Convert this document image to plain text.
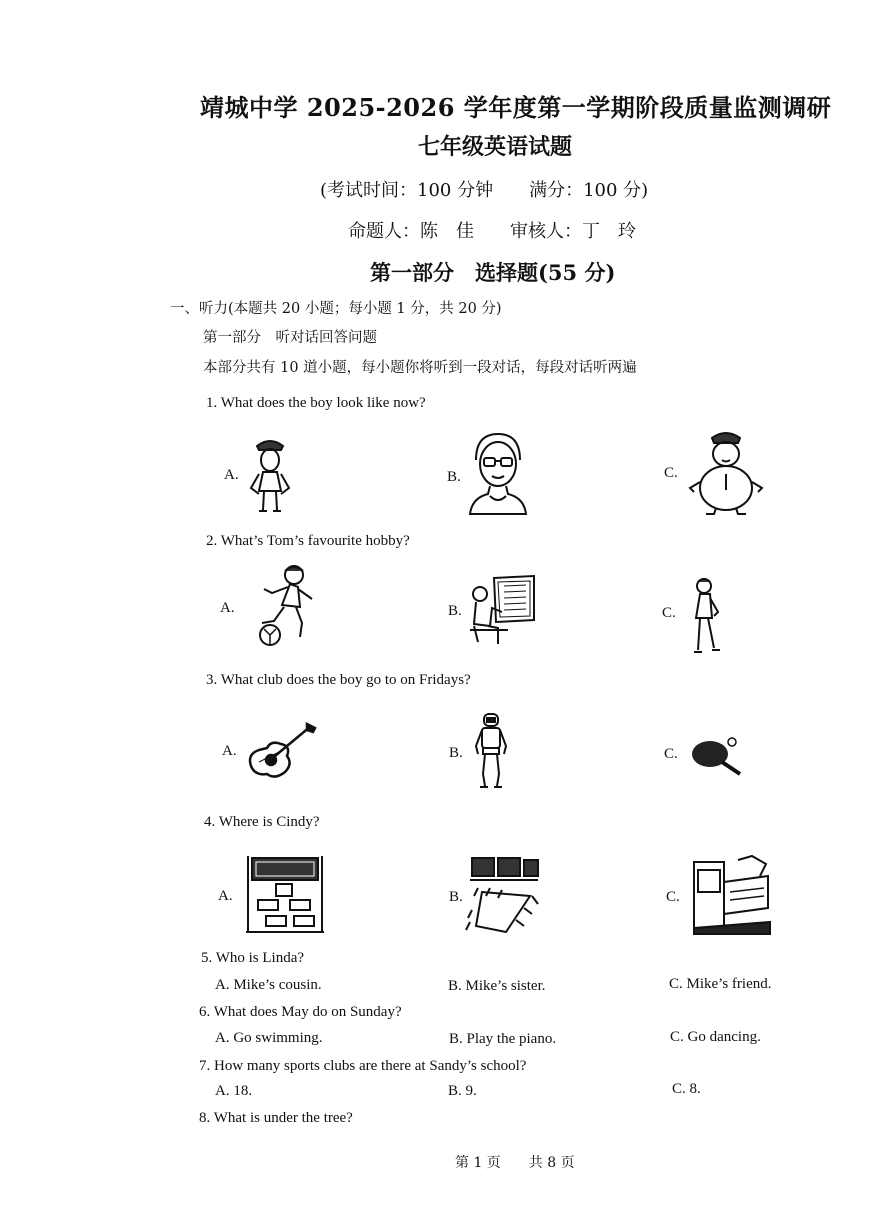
靖城中学 2025-2026 学年度第一学期阶段质量监测调研
七年级英语试题
(考试时间：100 分钟　　满分：100 分)
命题人：陈　佳　　审核人：丁　玲
第一部分　选择题(55 分)
一、听力(本题共 20 小题；每小题 1 分，共 20 分)
第一部分　听对话回答问题
本部分共有 10 道小题，每小题你将听到一段对话，每段对话听两遍
1. What does the boy look like now?
A.	B.	C.
2. What’s Tom’s favourite hobby?
A.	B.	C.
3. What club does the boy go to on Fridays?
A.	B.	C.
4. Where is Cindy?
A.	B.	C.
5. Who is Linda?
A. Mike’s cousin.	B. Mike’s sister.	C. Mike’s friend.
6. What does May do on Sunday?
A. Go swimming.	B. Play the piano.	C. Go dancing.
7. How many sports clubs are there at Sandy’s school?
A. 18.	B. 9.	C. 8.
8. What is under the tree?
第 1 页　　共 8 页
